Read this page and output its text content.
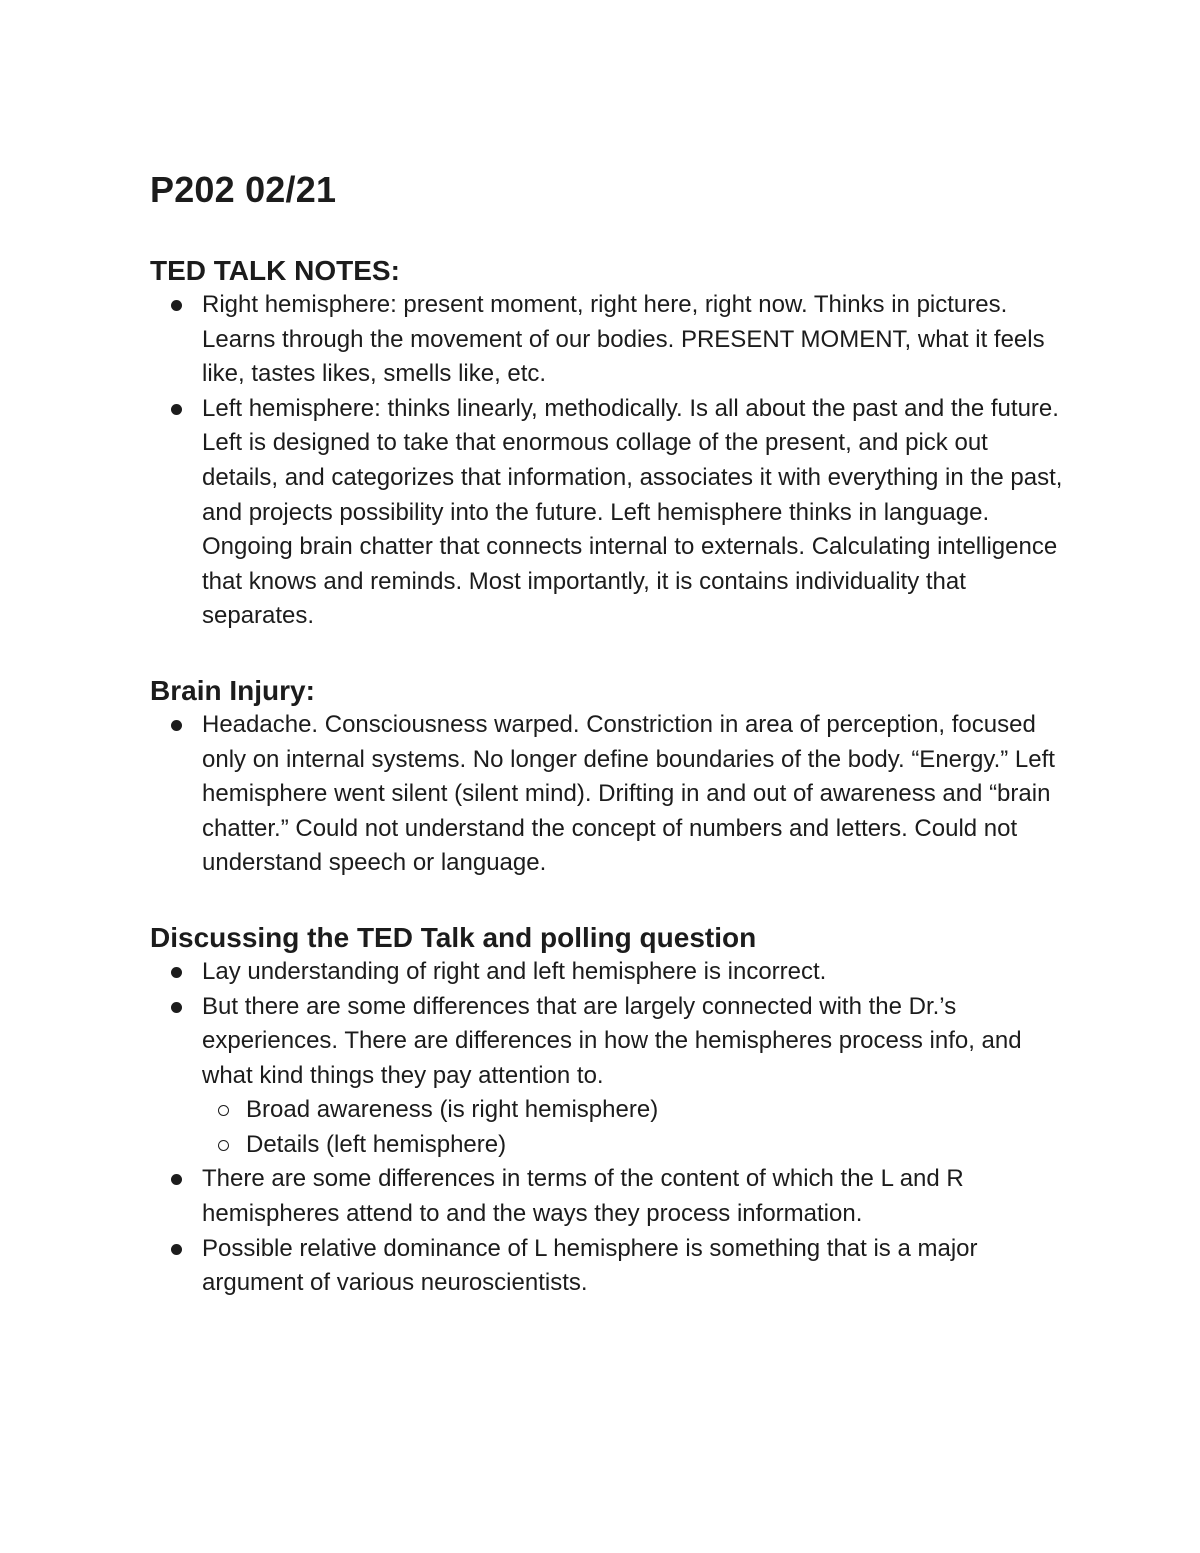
P202 02/21
TED TALK NOTES:
Right hemisphere: present moment, right here, right now. Thinks in pictures. Learns through the movement of our bodies. PRESENT MOMENT, what it feels like, tastes likes, smells like, etc.
Left hemisphere: thinks linearly, methodically. Is all about the past and the future. Left is designed to take that enormous collage of the present, and pick out details, and categorizes that information, associates it with everything in the past, and projects possibility into the future. Left hemisphere thinks in language. Ongoing brain chatter that connects internal to externals. Calculating intelligence that knows and reminds. Most importantly, it is contains individuality that separates.
Brain Injury:
Headache. Consciousness warped. Constriction in area of perception, focused only on internal systems. No longer define boundaries of the body. “Energy.” Left hemisphere went silent (silent mind). Drifting in and out of awareness and “brain chatter.” Could not understand the concept of numbers and letters. Could not understand speech or language.
Discussing the TED Talk and polling question
Lay understanding of right and left hemisphere is incorrect.
But there are some differences that are largely connected with the Dr.’s experiences. There are differences in how the hemispheres process info, and what kind things they pay attention to.
Broad awareness (is right hemisphere)
Details (left hemisphere)
There are some differences in terms of the content of which the L and R hemispheres attend to and the ways they process information.
Possible relative dominance of L hemisphere is something that is a major argument of various neuroscientists.
